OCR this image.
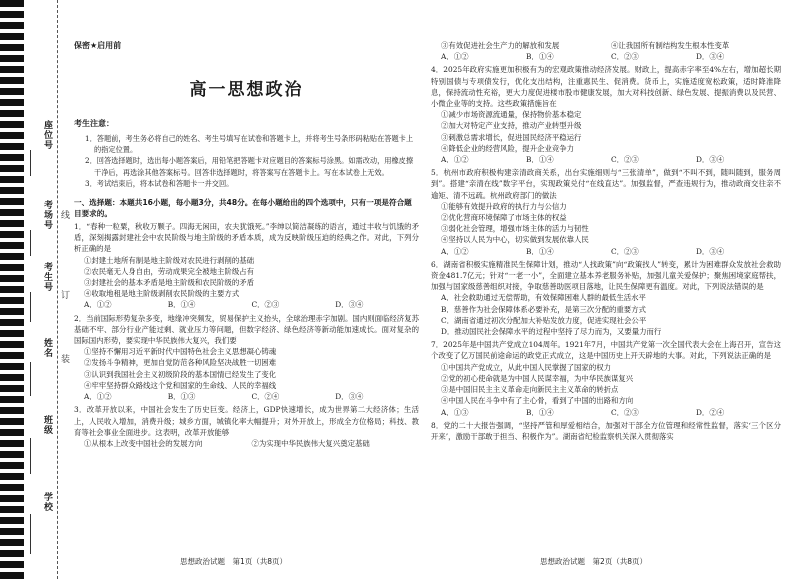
座位号
考场号
考生号
姓名
班级
学校
线
订
装
保密★启用前
高一思想政治
考生注意：
1．答题前，考生务必将自己的姓名、考生号填写在试卷和答题卡上，并将考生号条形码粘贴在答题卡上的指定位置。
2．回答选择题时，选出每小题答案后，用铅笔把答题卡对应题目的答案标号涂黑。如需改动，用橡皮擦干净后，再选涂其他答案标号。回答非选择题时，将答案写在答题卡上。写在本试卷上无效。
3．考试结束后，将本试卷和答题卡一并交回。
一、选择题：本题共16小题，每小题3分，共48分。在每小题给出的四个选项中，只有一项是符合题目要求的。
1．“春种一粒粟，秋收万颗子。四海无闲田，农夫犹饿死。”李绅以简洁凝练的语言，通过丰收与饥饿的矛盾，深刻揭露封建社会中农民阶级与地主阶级的矛盾本质，成为反映阶级压迫的经典之作。对此，下列分析正确的是
①封建土地所有制是地主阶级对农民进行剥削的基础
②农民毫无人身自由，劳动成果完全被地主阶级占有
③封建社会的基本矛盾是地主阶级和农民阶级的矛盾
④收取地租是地主阶级剥削农民阶级的主要方式
A．①②	B．①④	C．②③	D．③④
2．当前国际形势复杂多变，地缘冲突频发，贸易保护主义抬头，全球治理赤字加剧。国内则面临经济复苏基础不牢、部分行业产能过剩、就业压力等问题，但数字经济、绿色经济等新动能加速成长。面对复杂的国际国内形势，要实现中华民族伟大复兴，我们要
①坚持不懈用习近平新时代中国特色社会主义思想凝心铸魂
②发扬斗争精神，更加自觉防范各种风险坚决战胜一切困难
③认识到我国社会主义初级阶段的基本国情已经发生了变化
④牢牢坚持群众路线这个党和国家的生命线、人民的幸福线
A．①②	B．①③	C．②④	D．③④
3．改革开放以来，中国社会发生了历史巨变。经济上，GDP快速增长，成为世界第二大经济体；生活上，人民收入增加，消费升级；城乡方面，城镇化率大幅提升；对外开放上，形成全方位格局；科技、教育等社会事业全面进步。这表明，改革开放能够
①从根本上改变中国社会的发展方向	②为实现中华民族伟大复兴奠定基础
③有效促进社会生产力的解放和发展	④让我国所有制结构发生根本性变革
A．①②	B．①④	C．②③	D．③④
4．2025年政府实施更加积极有为的宏观政策推动经济发展。财政上，提高赤字率至4%左右，增加超长期特别国债与专项债发行，优化支出结构，注重惠民生、促消费。货币上，实施适度宽松政策，适时降准降息，保持流动性充裕，更大力度促进楼市股市健康发展，加大对科技创新、绿色发展、提振消费以及民营、小微企业等的支持。这些政策措施旨在
①减少市场资源流通量，保持物价基本稳定
②加大对特定产业支持，推动产业转型升级
③刺激总需求增长，促进国民经济平稳运行
④降低企业的经营风险，提升企业竞争力
A．①②	B．①④	C．②③	D．③④
5．杭州市政府积极构建亲清政商关系，出台实施细则与“三张清单”，做到“不叫不到，随叫随到，服务周到”。搭建“亲清在线”数字平台，实现政策兑付“在线直达”。加强监督，严查违规行为，推动政商交往亲不逾矩、清不远疏。杭州政府部门的做法
①能够有效提升政府的执行力与公信力
②优化营商环境保障了市场主体的权益
③弱化社会管理，增强市场主体的活力与韧性
④坚持以人民为中心，切实做到发展依靠人民
A．①②	B．①④	C．②③	D．③④
6．湖南省积极实施精准民生保障计划，推动“人找政策”向“政策找人”转变，累计为困难群众发放社会救助资金481.7亿元；针对“一老一小”，全面建立基本养老服务补贴，加强儿童关爱保护；聚焦困境家庭帮扶，加强与国家级慈善组织对接，争取慈善助医项目落地，让民生保障更有温度。对此，下列说法错误的是
A．社会救助通过无偿帮助，有效保障困难人群的最低生活水平
B．慈善作为社会保障体系必要补充，是第三次分配的重要方式
C．湖南省通过初次分配加大补贴发放力度，促进实现社会公平
D．推动国民社会保障水平的过程中坚持了尽力而为，又要量力而行
7．2025年是中国共产党成立104周年。1921年7月，中国共产党第一次全国代表大会在上海召开，宣告这个改变了亿万国民前途命运的政党正式成立，这是中国历史上开天辟地的大事。对此，下列说法正确的是
①中国共产党成立，从此中国人民掌握了国家的权力
②党的初心使命就是为中国人民谋幸福，为中华民族谋复兴
③是中国旧民主主义革命走向新民主主义革命的转折点
④中国人民在斗争中有了主心骨，看到了中国的出路和方向
A．①③	B．①④	C．②③	D．②④
8．党的二十大报告强调，“坚持严管和厚爱相结合，加强对干部全方位管理和经常性监督，落实‘三个区分开来’，激励干部敢于担当、积极作为”。湖南省纪检监察机关深入贯彻落实
思想政治试题　第1页（共8页）	思想政治试题　第2页（共8页）
